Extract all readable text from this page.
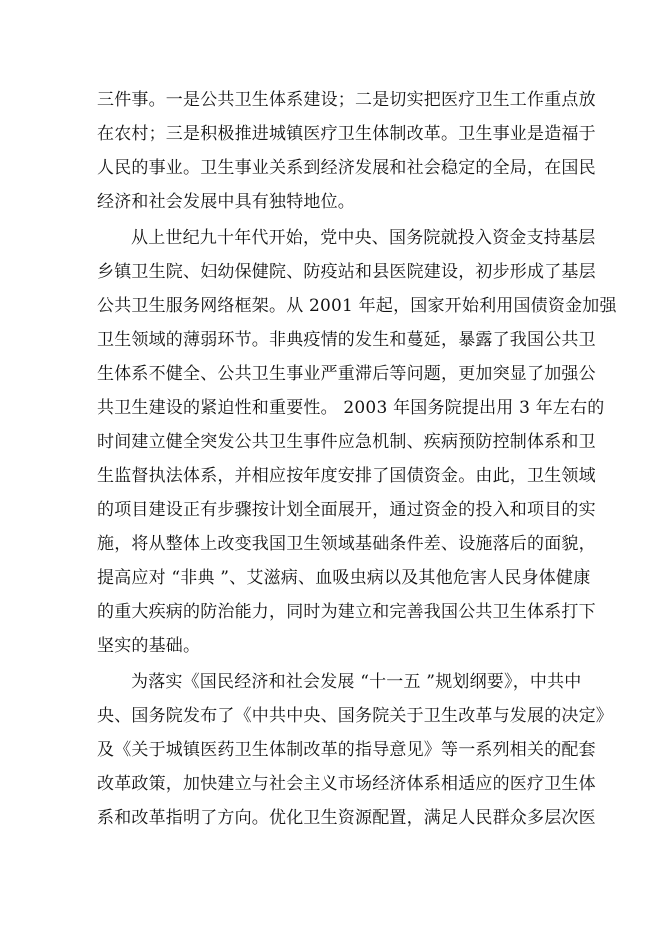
三件事。一是公共卫生体系建设；二是切实把医疗卫生工作重点放
在农村；三是积极推进城镇医疗卫生体制改革。卫生事业是造福于
人民的事业。卫生事业关系到经济发展和社会稳定的全局，在国民
经济和社会发展中具有独特地位。
从上世纪九十年代开始，党中央、国务院就投入资金支持基层
乡镇卫生院、妇幼保健院、防疫站和县医院建设，初步形成了基层
公共卫生服务网络框架。从 2001 年起，国家开始利用国债资金加强
卫生领域的薄弱环节。非典疫情的发生和蔓延，暴露了我国公共卫
生体系不健全、公共卫生事业严重滞后等问题，更加突显了加强公
共卫生建设的紧迫性和重要性。 2003 年国务院提出用 3 年左右的
时间建立健全突发公共卫生事件应急机制、疾病预防控制体系和卫
生监督执法体系，并相应按年度安排了国债资金。由此，卫生领域
的项目建设正有步骤按计划全面展开，通过资金的投入和项目的实
施，将从整体上改变我国卫生领域基础条件差、设施落后的面貌，
提高应对 “非典 ”、艾滋病、血吸虫病以及其他危害人民身体健康
的重大疾病的防治能力，同时为建立和完善我国公共卫生体系打下
坚实的基础。
为落实《国民经济和社会发展 “十一五 ”规划纲要》，中共中
央、国务院发布了《中共中央、国务院关于卫生改革与发展的决定》
及《关于城镇医药卫生体制改革的指导意见》等一系列相关的配套
改革政策，加快建立与社会主义市场经济体系相适应的医疗卫生体
系和改革指明了方向。优化卫生资源配置，满足人民群众多层次医
